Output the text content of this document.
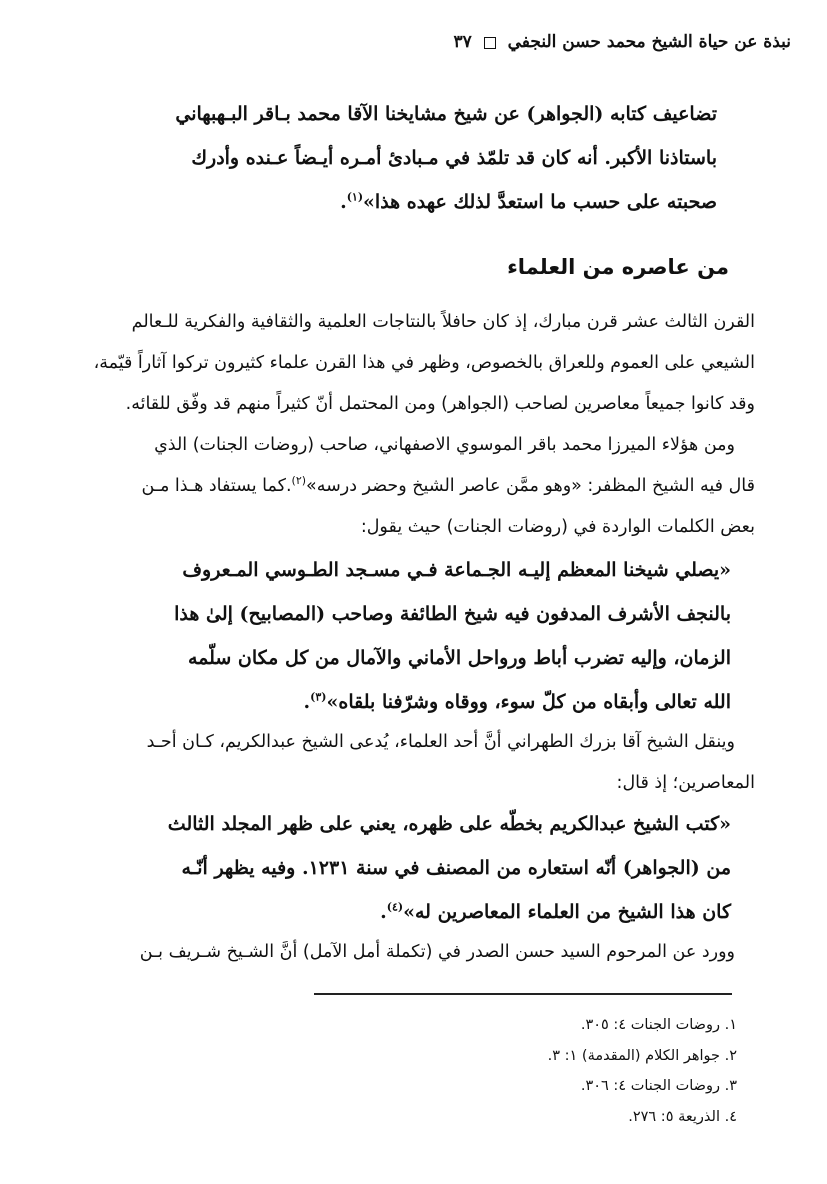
نبذة عن حياة الشيخ محمد حسن النجفي  ٣٧

تضاعيف كتابه (الجواهر) عن شيخ مشايخنا الآقا محمد بـاقر البـهبهاني

باستاذنا الأكبر. أنه كان قد تلمّذ في مـبادئ أمـره أيـضاً عـنده وأدرك

صحبته على حسب ما استعدَّ لذلك عهده هذا»$^{(١)}$.

من عاصره من العلماء

القرن الثالث عشر قرن مبارك، إذ كان حافلاً بالنتاجات العلمية والثقافية والفكرية للـعالم

الشيعي على العموم وللعراق بالخصوص، وظهر في هذا القرن علماء كثيرون تركوا آثاراً قيّمة،

وقد كانوا جميعاً معاصرين لصاحب (الجواهر) ومن المحتمل أنّ كثيراً منهم قد وفّق للقائه.

ومن هؤلاء الميرزا محمد باقر الموسوي الاصفهاني، صاحب (روضات الجنات) الذي

قال فيه الشيخ المظفر: «وهو ممَّن عاصر الشيخ وحضر درسه»$^{(٢)}$.كما يستفاد هـذا مـن

بعض الكلمات الواردة في (روضات الجنات) حيث يقول:

«يصلي شيخنا المعظم إليـه الجـماعة فـي مسـجد الطـوسي المـعروف

بالنجف الأشرف المدفون فيه شيخ الطائفة وصاحب (المصابيح) إلىٰ هذا

الزمان، وإليه تضرب أباط ورواحل الأماني والآمال من كل مكان سلّمه

الله تعالى وأبقاه من كلّ سوء، ووقاه وشرّفنا بلقاه»$^{(٣)}$.

وينقل الشيخ آقا بزرك الطهراني أنَّ أحد العلماء، يُدعى الشيخ عبدالكريم، كـان أحـد

المعاصرين؛ إذ قال:

«كتب الشيخ عبدالكريم بخطّه على ظهره، يعني على ظهر المجلد الثالث

من (الجواهر) أنّه استعاره من المصنف في سنة ١٢٣١. وفيه يظهر أنّـه

كان هذا الشيخ من العلماء المعاصرين له»$^{(٤)}$.

وورد عن المرحوم السيد حسن الصدر في (تكملة أمل الآمل) أنَّ الشـيخ شـريف بـن

١. روضات الجنات ٤: ٣٠٥.
٢. جواهر الكلام (المقدمة) ١: ٣.
٣. روضات الجنات ٤: ٣٠٦.
٤. الذريعة ٥: ٢٧٦.
